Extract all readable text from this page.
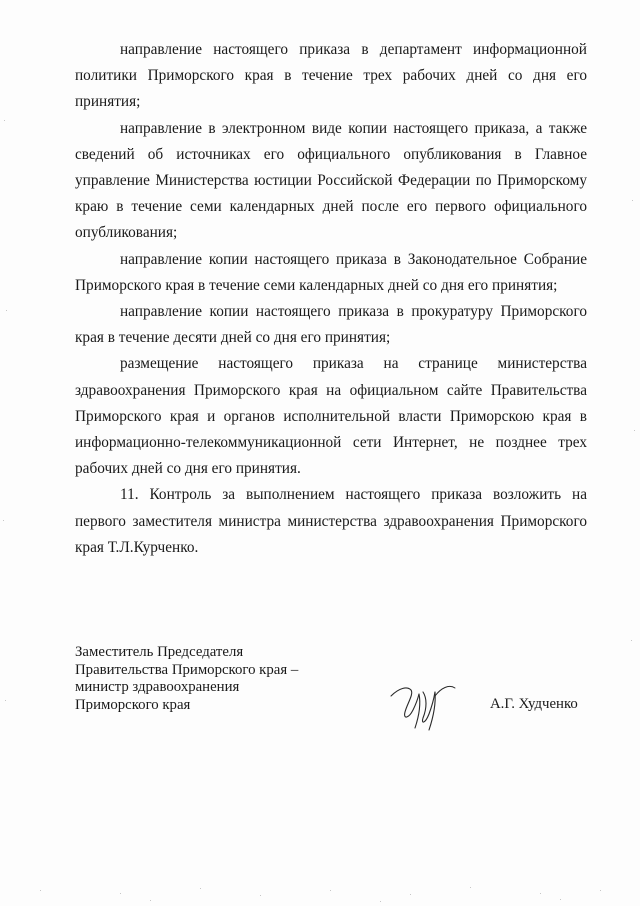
направление настоящего приказа в департамент информационной политики Приморского края в течение трех рабочих дней со дня его принятия;

направление в электронном виде копии настоящего приказа, а также сведений об источниках его официального опубликования в Главное управление Министерства юстиции Российской Федерации по Приморскому краю в течение семи календарных дней после его первого официального опубликования;

направление копии настоящего приказа в Законодательное Собрание Приморского края в течение семи календарных дней со дня его принятия;

направление копии настоящего приказа в прокуратуру Приморского края в течение десяти дней со дня его принятия;

размещение настоящего приказа на странице министерства здравоохранения Приморского края на официальном сайте Правительства Приморского края и органов исполнительной власти Приморскою края в информационно-телекоммуникационной сети Интернет, не позднее трех рабочих дней со дня его принятия.

11. Контроль за выполнением настоящего приказа возложить на первого заместителя министра министерства здравоохранения Приморского края Т.Л.Курченко.

Заместитель Председателя
Правительства Приморского края –
министр здравоохранения
Приморского края	А.Г. Худченко
